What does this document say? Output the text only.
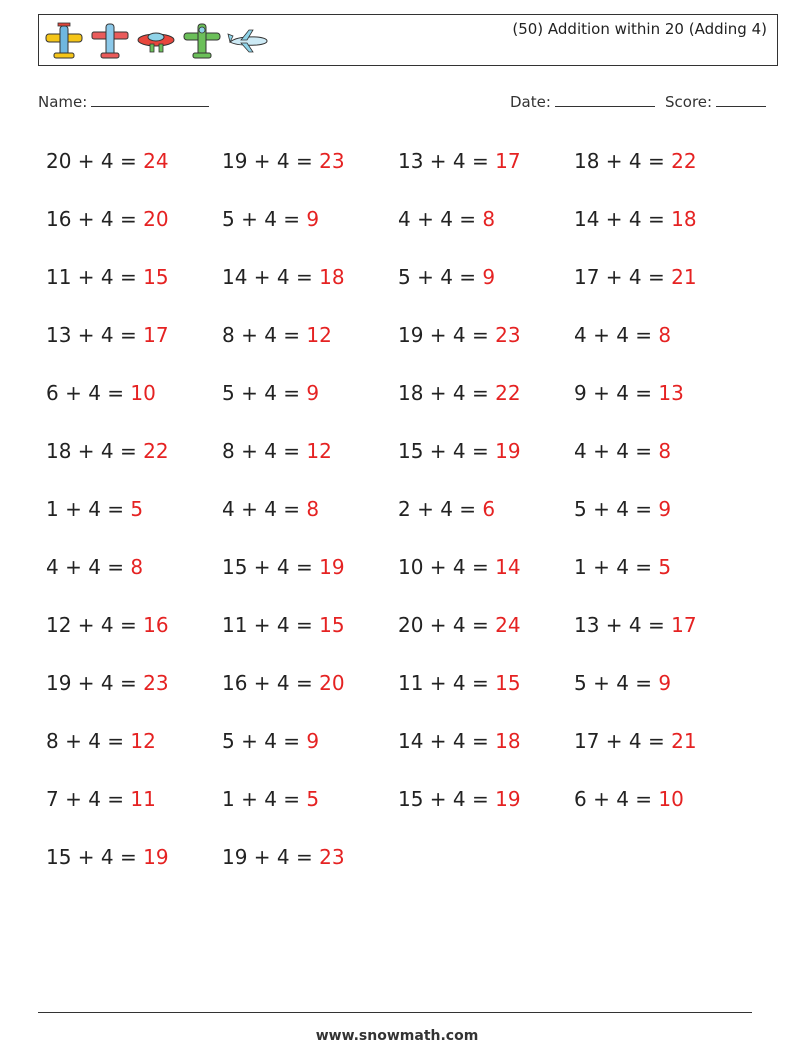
(50) Addition within 20 (Adding 4)
Name:	Date:	Score:
20 + 4 = 24	19 + 4 = 23	13 + 4 = 17	18 + 4 = 22
16 + 4 = 20	5 + 4 = 9	4 + 4 = 8	14 + 4 = 18
11 + 4 = 15	14 + 4 = 18	5 + 4 = 9	17 + 4 = 21
13 + 4 = 17	8 + 4 = 12	19 + 4 = 23	4 + 4 = 8
6 + 4 = 10	5 + 4 = 9	18 + 4 = 22	9 + 4 = 13
18 + 4 = 22	8 + 4 = 12	15 + 4 = 19	4 + 4 = 8
1 + 4 = 5	4 + 4 = 8	2 + 4 = 6	5 + 4 = 9
4 + 4 = 8	15 + 4 = 19	10 + 4 = 14	1 + 4 = 5
12 + 4 = 16	11 + 4 = 15	20 + 4 = 24	13 + 4 = 17
19 + 4 = 23	16 + 4 = 20	11 + 4 = 15	5 + 4 = 9
8 + 4 = 12	5 + 4 = 9	14 + 4 = 18	17 + 4 = 21
7 + 4 = 11	1 + 4 = 5	15 + 4 = 19	6 + 4 = 10
15 + 4 = 19	19 + 4 = 23
www.snowmath.com
